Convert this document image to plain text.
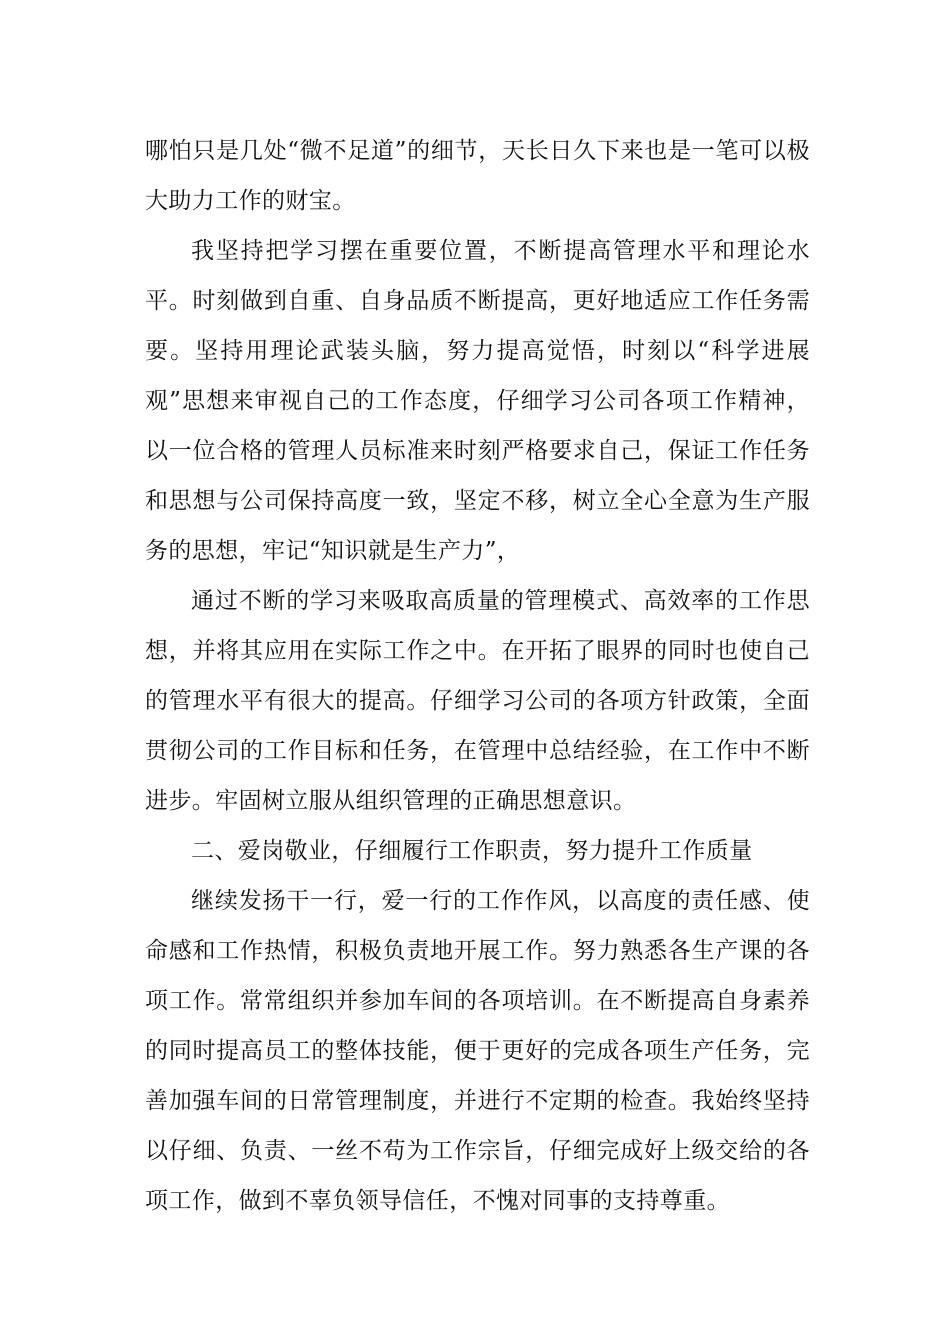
哪怕只是几处“微不足道”的细节，天长日久下来也是一笔可以极大助力工作的财宝。

我坚持把学习摆在重要位置，不断提高管理水平和理论水平。时刻做到自重、自身品质不断提高，更好地适应工作任务需要。坚持用理论武装头脑，努力提高觉悟，时刻以“科学进展观”思想来审视自己的工作态度，仔细学习公司各项工作精神，以一位合格的管理人员标准来时刻严格要求自己，保证工作任务和思想与公司保持高度一致，坚定不移，树立全心全意为生产服务的思想，牢记“知识就是生产力”，

通过不断的学习来吸取高质量的管理模式、高效率的工作思想，并将其应用在实际工作之中。在开拓了眼界的同时也使自己的管理水平有很大的提高。仔细学习公司的各项方针政策，全面贯彻公司的工作目标和任务，在管理中总结经验，在工作中不断进步。牢固树立服从组织管理的正确思想意识。

二、爱岗敬业，仔细履行工作职责，努力提升工作质量

继续发扬干一行，爱一行的工作作风，以高度的责任感、使命感和工作热情，积极负责地开展工作。努力熟悉各生产课的各项工作。常常组织并参加车间的各项培训。在不断提高自身素养的同时提高员工的整体技能，便于更好的完成各项生产任务，完善加强车间的日常管理制度，并进行不定期的检查。我始终坚持以仔细、负责、一丝不苟为工作宗旨，仔细完成好上级交给的各项工作，做到不辜负领导信任，不愧对同事的支持尊重。
